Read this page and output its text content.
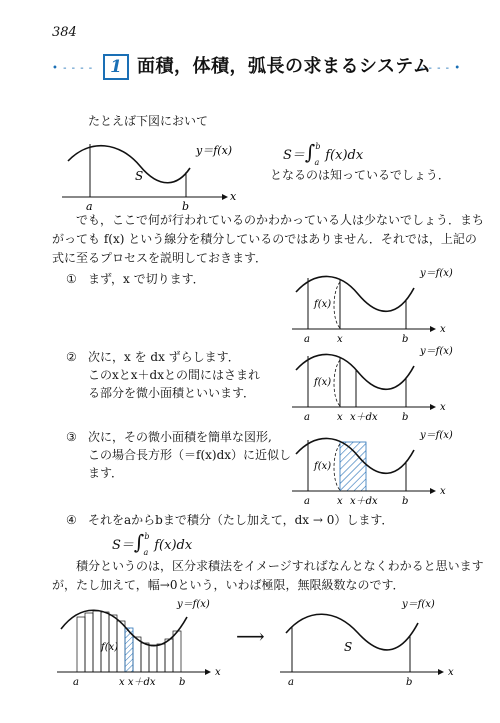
384
• - - - - 1 面積，体積，弧長の求まるシステム
- - - - •
たとえば下図において
x
a	b
S
y＝f(x)	S＝∫$^b_a$ f(x)dx
となるのは知っているでしょう．
でも，ここで何が行われているのかわかっている人は少ないでしょう．まち
がっても f(x) という線分を積分しているのではありません．それでは，上記の
式に至るプロセスを説明しておきます．
① まず，x で切ります．
f(x)
x
a	x	b
y＝f(x)
② 次に，x を dx ずらします．
このxとx＋dxとの間にはさまれ
る部分を微小面積といいます．
f(x)
x
a	x x＋dx b
y＝f(x)
③ 次に，その微小面積を簡単な図形,
この場合長方形（＝f(x)dx）に近似し
ます．	f(x)
x
a	x x＋dx b
y＝f(x)
④ それをaからbまで積分（たし加えて，dx → 0）します．
S＝∫$^b_a$ f(x)dx
積分というのは，区分求積法をイメージすればなんとなくわかると思います
が，たし加えて，幅→0という，いわば極限，無限級数なのです．
f(x)
x
a	x x＋dx b
y＝f(x)
⟶	S
x
a	b
y＝f(x)
